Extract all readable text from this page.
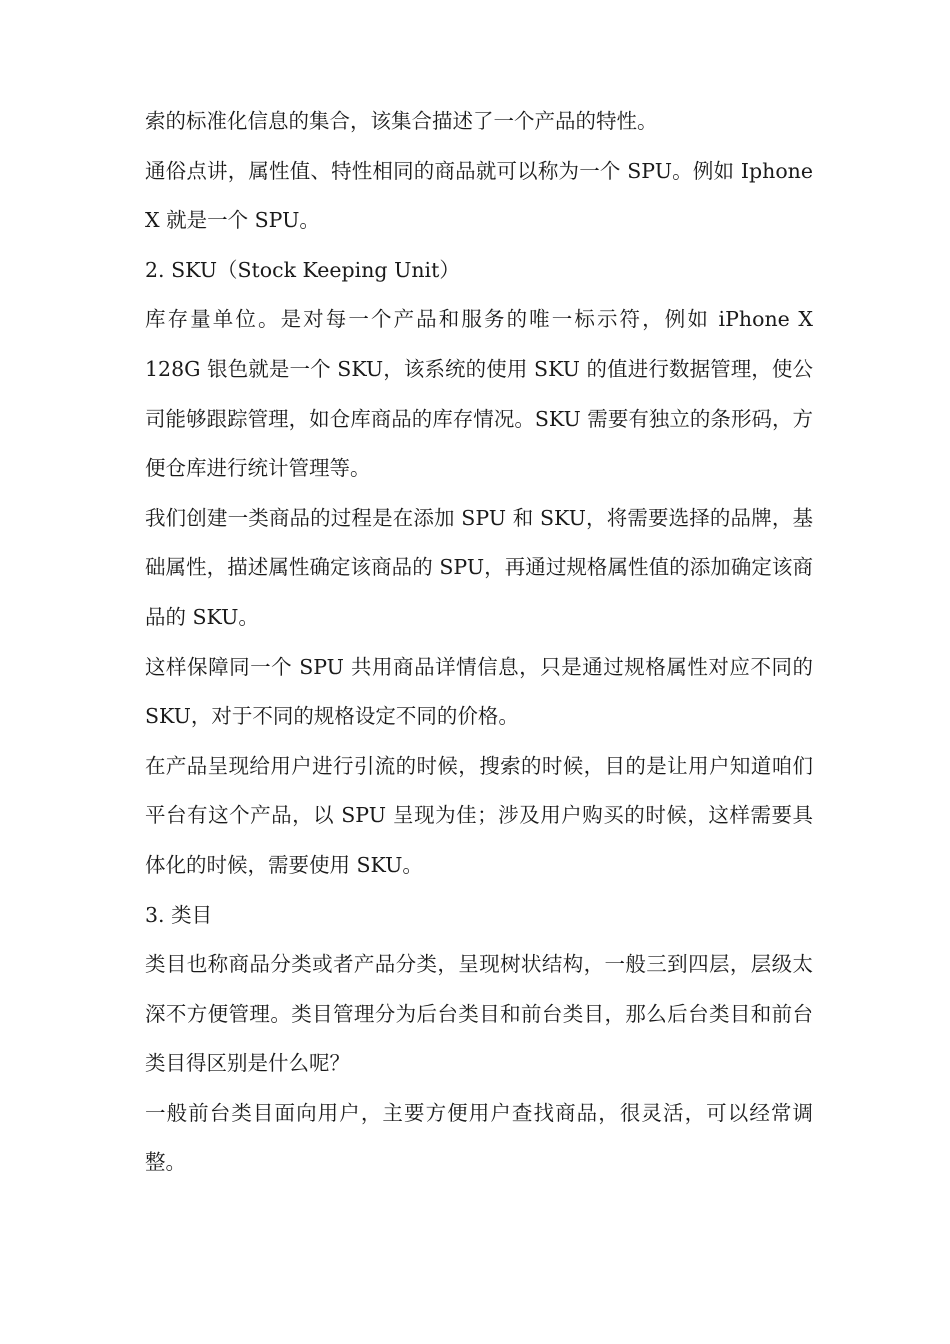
索的标准化信息的集合，该集合描述了一个产品的特性。

通俗点讲，属性值、特性相同的商品就可以称为一个 SPU。例如 Iphone X 就是一个 SPU。

2. SKU（Stock Keeping Unit）

库存量单位。是对每一个产品和服务的唯一标示符，例如 iPhone X 128G 银色就是一个 SKU，该系统的使用 SKU 的值进行数据管理，使公司能够跟踪管理，如仓库商品的库存情况。SKU 需要有独立的条形码，方便仓库进行统计管理等。

我们创建一类商品的过程是在添加 SPU 和 SKU，将需要选择的品牌，基础属性，描述属性确定该商品的 SPU，再通过规格属性值的添加确定该商品的 SKU。

这样保障同一个 SPU 共用商品详情信息，只是通过规格属性对应不同的 SKU，对于不同的规格设定不同的价格。

在产品呈现给用户进行引流的时候，搜索的时候，目的是让用户知道咱们平台有这个产品，以 SPU 呈现为佳；涉及用户购买的时候，这样需要具体化的时候，需要使用 SKU。

3. 类目

类目也称商品分类或者产品分类，呈现树状结构，一般三到四层，层级太深不方便管理。类目管理分为后台类目和前台类目，那么后台类目和前台类目得区别是什么呢？

一般前台类目面向用户，主要方便用户查找商品，很灵活，可以经常调整。
